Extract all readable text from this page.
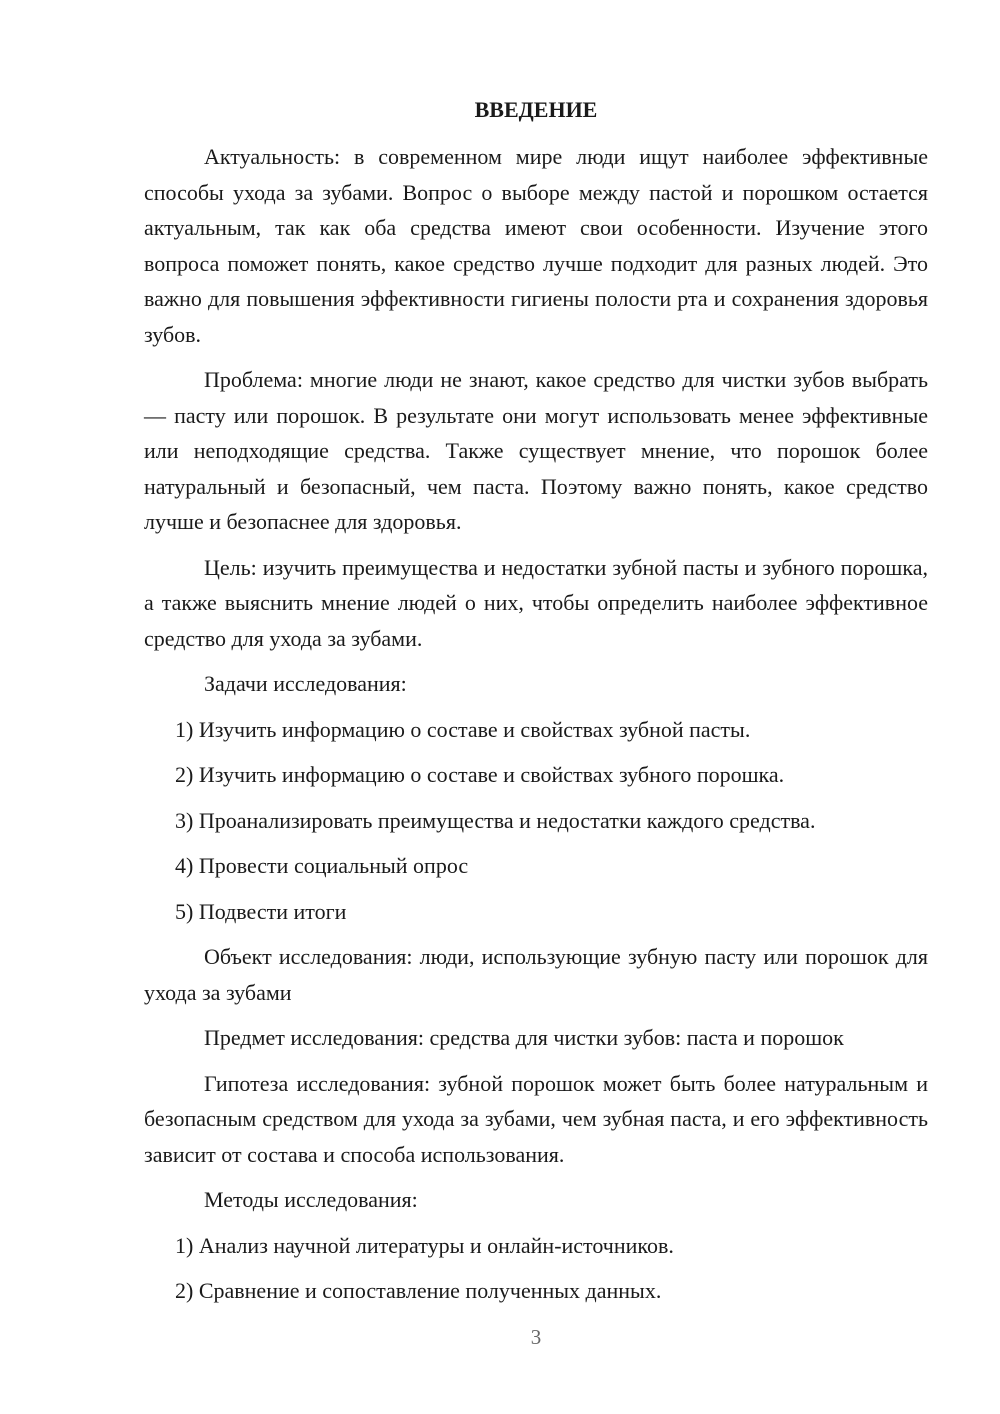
ВВЕДЕНИЕ

Актуальность: в современном мире люди ищут наиболее эффективные способы ухода за зубами. Вопрос о выборе между пастой и порошком остается актуальным, так как оба средства имеют свои особенности. Изучение этого вопроса поможет понять, какое средство лучше подходит для разных людей. Это важно для повышения эффективности гигиены полости рта и сохранения здоровья зубов.

Проблема: многие люди не знают, какое средство для чистки зубов выбрать — пасту или порошок. В результате они могут использовать менее эффективные или неподходящие средства. Также существует мнение, что порошок более натуральный и безопасный, чем паста. Поэтому важно понять, какое средство лучше и безопаснее для здоровья.

Цель: изучить преимущества и недостатки зубной пасты и зубного порошка, а также выяснить мнение людей о них, чтобы определить наиболее эффективное средство для ухода за зубами.

Задачи исследования:

1) Изучить информацию о составе и свойствах зубной пасты.

2) Изучить информацию о составе и свойствах зубного порошка.

3) Проанализировать преимущества и недостатки каждого средства.

4) Провести социальный опрос

5) Подвести итоги

Объект исследования: люди, использующие зубную пасту или порошок для ухода за зубами

Предмет исследования: средства для чистки зубов: паста и порошок

Гипотеза исследования: зубной порошок может быть более натуральным и безопасным средством для ухода за зубами, чем зубная паста, и его эффективность зависит от состава и способа использования.

Методы исследования:

1) Анализ научной литературы и онлайн-источников.

2) Сравнение и сопоставление полученных данных.

3
